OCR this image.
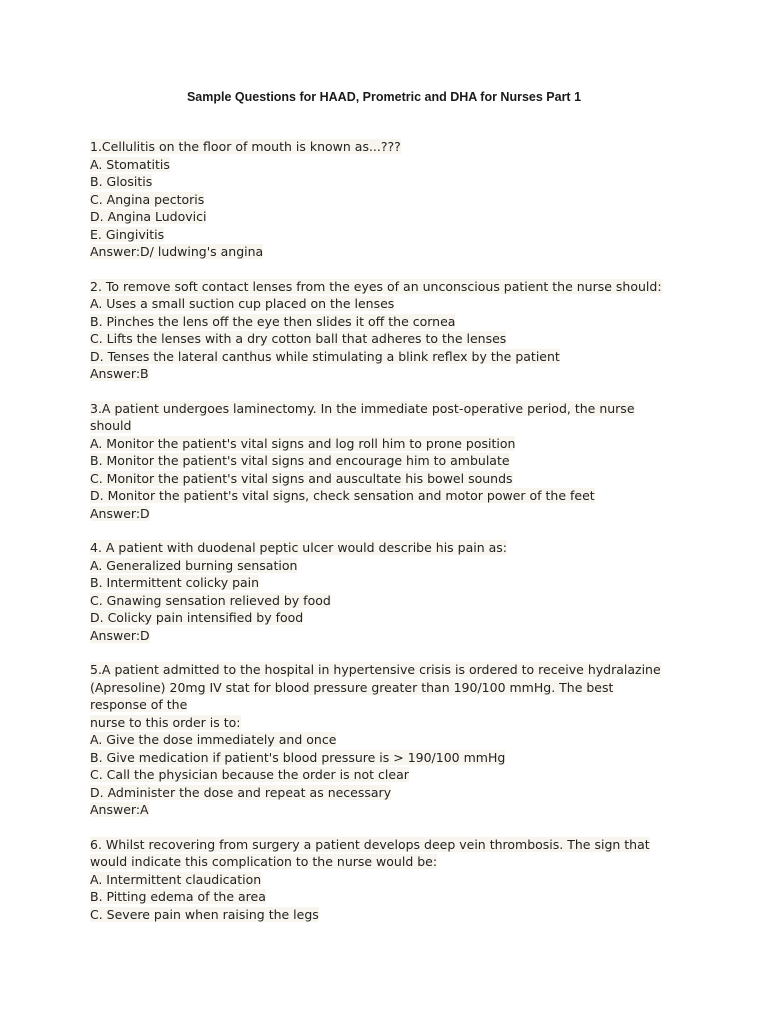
Sample Questions for HAAD, Prometric and DHA for Nurses Part 1
1.Cellulitis on the floor of mouth is known as...???
A. Stomatitis
B. Glositis
C. Angina pectoris
D. Angina Ludovici
E. Gingivitis
Answer:D/ ludwing's angina
2. To remove soft contact lenses from the eyes of an unconscious patient the nurse should:
A. Uses a small suction cup placed on the lenses
B. Pinches the lens off the eye then slides it off the cornea
C. Lifts the lenses with a dry cotton ball that adheres to the lenses
D. Tenses the lateral canthus while stimulating a blink reflex by the patient
Answer:B
3.A patient undergoes laminectomy. In the immediate post-operative period, the nurse
should
A. Monitor the patient's vital signs and log roll him to prone position
B. Monitor the patient's vital signs and encourage him to ambulate
C. Monitor the patient's vital signs and auscultate his bowel sounds
D. Monitor the patient's vital signs, check sensation and motor power of the feet
Answer:D
4. A patient with duodenal peptic ulcer would describe his pain as:
A. Generalized burning sensation
B. Intermittent colicky pain
C. Gnawing sensation relieved by food
D. Colicky pain intensified by food
Answer:D
5.A patient admitted to the hospital in hypertensive crisis is ordered to receive hydralazine
(Apresoline) 20mg IV stat for blood pressure greater than 190/100 mmHg. The best
response of the
nurse to this order is to:
A. Give the dose immediately and once
B. Give medication if patient's blood pressure is > 190/100 mmHg
C. Call the physician because the order is not clear
D. Administer the dose and repeat as necessary
Answer:A
6. Whilst recovering from surgery a patient develops deep vein thrombosis. The sign that
would indicate this complication to the nurse would be:
A. Intermittent claudication
B. Pitting edema of the area
C. Severe pain when raising the legs
